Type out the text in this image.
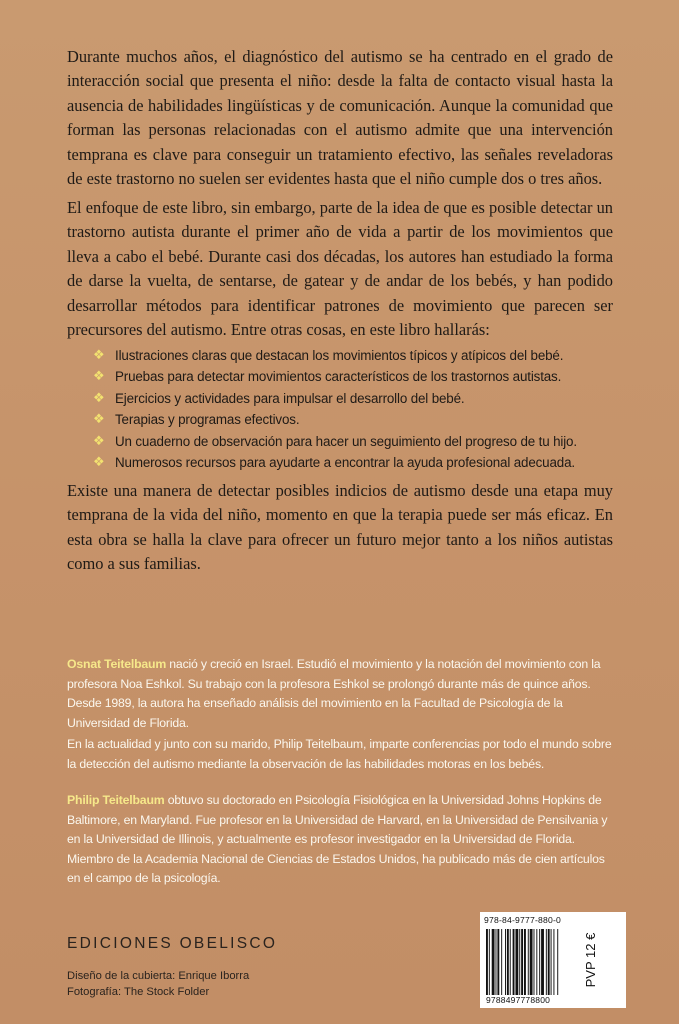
Durante muchos años, el diagnóstico del autismo se ha centrado en el grado de interacción social que presenta el niño: desde la falta de contacto visual hasta la ausencia de habilidades lingüísticas y de comunicación. Aunque la comunidad que forman las personas relacionadas con el autismo admite que una intervención temprana es clave para conseguir un tratamiento efectivo, las señales reveladoras de este trastorno no suelen ser evidentes hasta que el niño cumple dos o tres años.

El enfoque de este libro, sin embargo, parte de la idea de que es posible detectar un trastorno autista durante el primer año de vida a partir de los movimientos que lleva a cabo el bebé. Durante casi dos décadas, los autores han estudiado la forma de darse la vuelta, de sentarse, de gatear y de andar de los bebés, y han podido desarrollar métodos para identificar patrones de movimiento que parecen ser precursores del autismo. Entre otras cosas, en este libro hallarás:

❖ Ilustraciones claras que destacan los movimientos típicos y atípicos del bebé.
❖ Pruebas para detectar movimientos característicos de los trastornos autistas.
❖ Ejercicios y actividades para impulsar el desarrollo del bebé.
❖ Terapias y programas efectivos.
❖ Un cuaderno de observación para hacer un seguimiento del progreso de tu hijo.
❖ Numerosos recursos para ayudarte a encontrar la ayuda profesional adecuada.

Existe una manera de detectar posibles indicios de autismo desde una etapa muy temprana de la vida del niño, momento en que la terapia puede ser más eficaz. En esta obra se halla la clave para ofrecer un futuro mejor tanto a los niños autistas como a sus familias.

Osnat Teitelbaum nació y creció en Israel. Estudió el movimiento y la notación del movimiento con la profesora Noa Eshkol. Su trabajo con la profesora Eshkol se prolongó durante más de quince años. Desde 1989, la autora ha enseñado análisis del movimiento en la Facultad de Psicología de la Universidad de Florida.

En la actualidad y junto con su marido, Philip Teitelbaum, imparte conferencias por todo el mundo sobre la detección del autismo mediante la observación de las habilidades motoras en los bebés.

Philip Teitelbaum obtuvo su doctorado en Psicología Fisiológica en la Universidad Johns Hopkins de Baltimore, en Maryland. Fue profesor en la Universidad de Harvard, en la Universidad de Pensilvania y en la Universidad de Illinois, y actualmente es profesor investigador en la Universidad de Florida. Miembro de la Academia Nacional de Ciencias de Estados Unidos, ha publicado más de cien artículos en el campo de la psicología.

EDICIONES OBELISCO
Diseño de la cubierta: Enrique Iborra
Fotografía: The Stock Folder
978-84-9777-880-0
9788497778800
PVP 12 €
